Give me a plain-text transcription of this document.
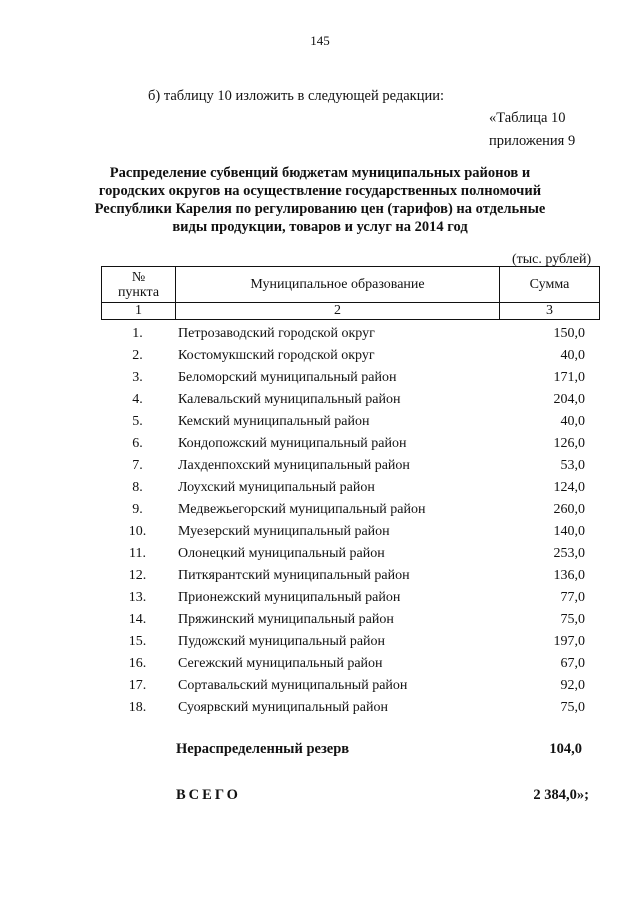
145
б) таблицу 10 изложить в следующей редакции:
«Таблица 10
приложения 9
Распределение субвенций бюджетам муниципальных районов и
городских округов на осуществление государственных полномочий
Республики Карелия по регулированию цен (тарифов) на отдельные
виды продукции, товаров и услуг на 2014 год
(тыс. рублей)
№
пункта	Муниципальное образование	Сумма
1	2	3
1.	Петрозаводский городской округ	150,0
2.	Костомукшский городской округ	40,0
3.	Беломорский муниципальный район	171,0
4.	Калевальский муниципальный район	204,0
5.	Кемский муниципальный район	40,0
6.	Кондопожский муниципальный район	126,0
7.	Лахденпохский муниципальный район	53,0
8.	Лоухский муниципальный район	124,0
9.	Медвежьегорский муниципальный район	260,0
10.	Муезерский муниципальный район	140,0
11.	Олонецкий муниципальный район	253,0
12.	Питкярантский муниципальный район	136,0
13.	Прионежский муниципальный район	77,0
14.	Пряжинский муниципальный район	75,0
15.	Пудожский муниципальный район	197,0
16.	Сегежский муниципальный район	67,0
17.	Сортавальский муниципальный район	92,0
18.	Суоярвский муниципальный район	75,0
Нераспределенный резерв	104,0
ВСЕГО	2 384,0»;
